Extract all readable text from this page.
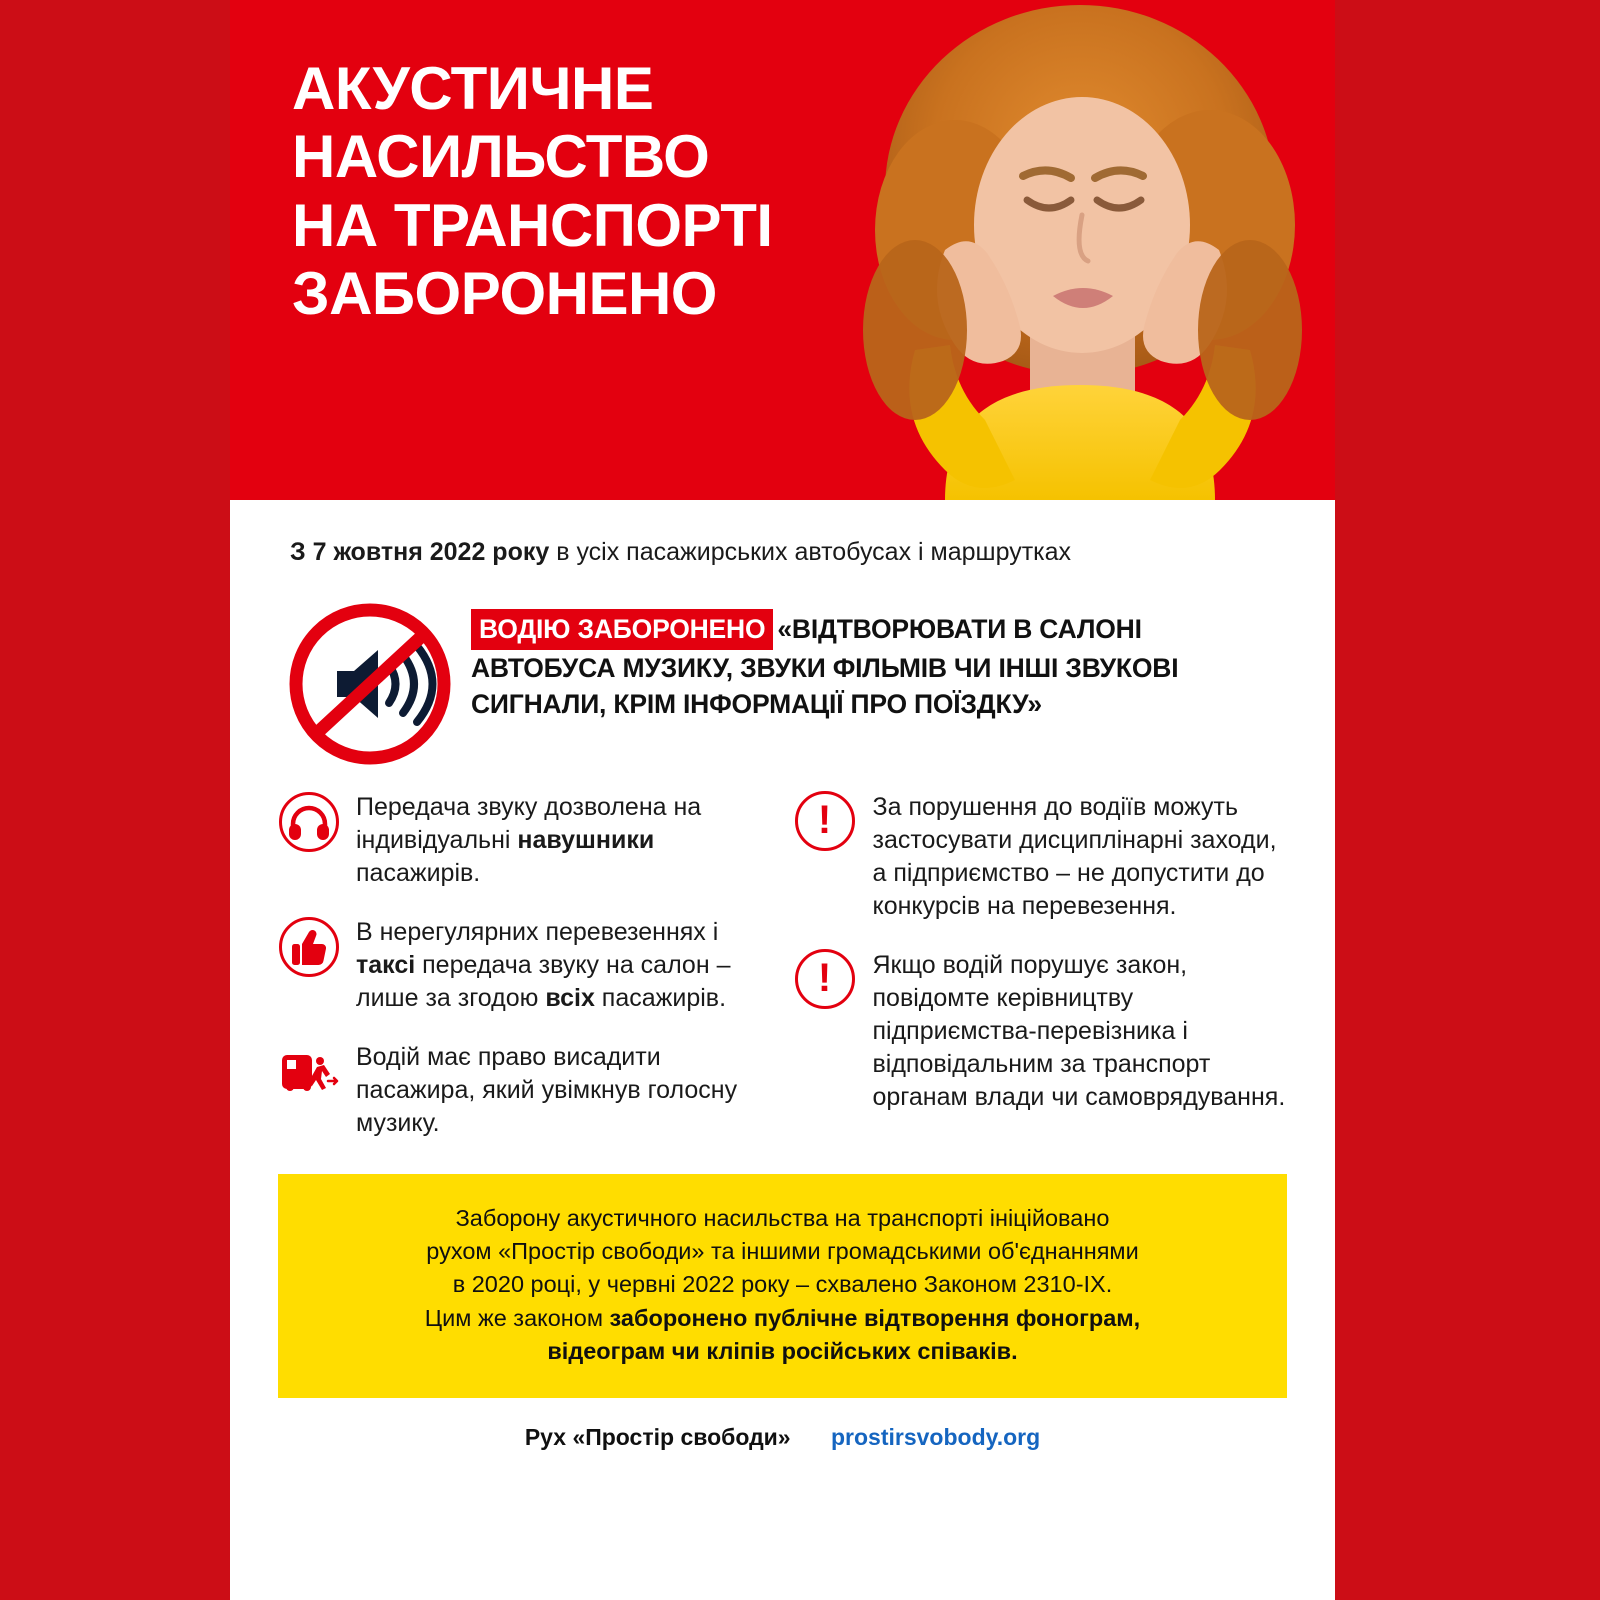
АКУСТИЧНЕ
НАСИЛЬСТВО
НА ТРАНСПОРТІ
ЗАБОРОНЕНО
З 7 жовтня 2022 року в усіх пасажирських автобусах і маршрутках
ВОДІЮ ЗАБОРОНЕНО «ВІДТВОРЮВАТИ В САЛОНІ АВТОБУСА МУЗИКУ, ЗВУКИ ФІЛЬМІВ ЧИ ІНШІ ЗВУКОВІ СИГНАЛИ, КРІМ ІНФОРМАЦІЇ ПРО ПОЇЗДКУ»
Передача звуку дозволена на індивідуальні навушники пасажирів.
В нерегулярних перевезеннях і таксі передача звуку на салон – лише за згодою всіх пасажирів.
Водій має право висадити пасажира, який увімкнув голосну музику.
! За порушення до водіїв можуть застосувати дисциплінарні заходи, а підприємство – не допустити до конкурсів на перевезення.
! Якщо водій порушує закон, повідомте керівництву підприємства-перевізника і відповідальним за транспорт органам влади чи самоврядування.
Заборону акустичного насильства на транспорті ініційовано
рухом «Простір свободи» та іншими громадськими об'єднаннями
в 2020 році, у червні 2022 року – схвалено Законом 2310-IX.
Цим же законом заборонено публічне відтворення фонограм,
відеограм чи кліпів російських співаків.
Рух «Простір свободи» prostirsvobody.org
